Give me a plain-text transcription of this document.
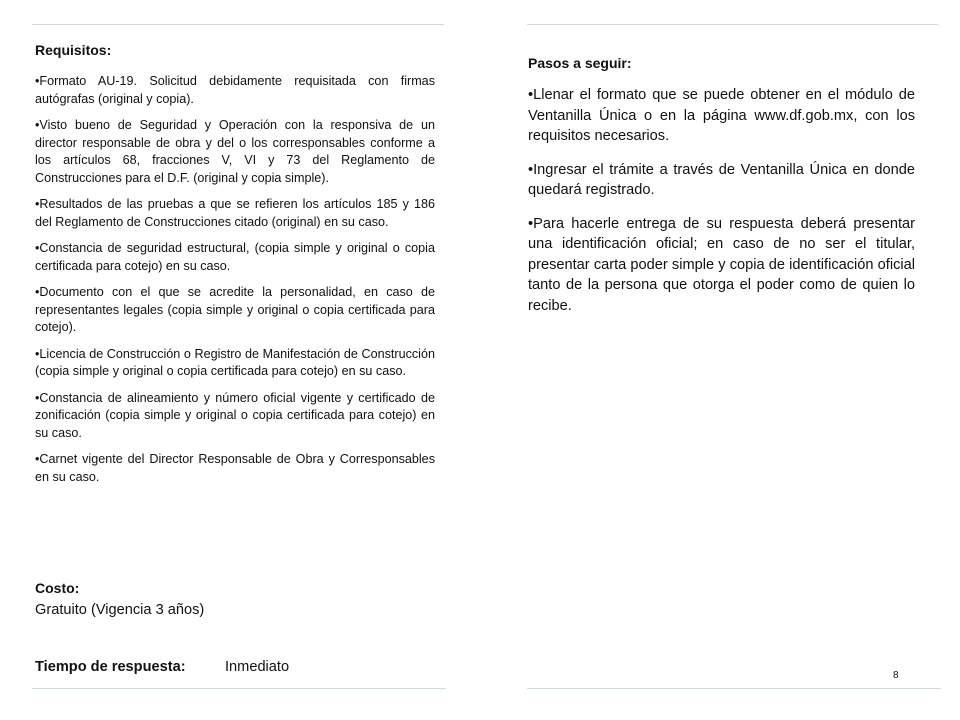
Requisitos:

•Formato AU-19. Solicitud debidamente requisitada con firmas autógrafas (original y copia).

•Visto bueno de Seguridad y Operación con la responsiva de un director responsable de obra y del o los corresponsables conforme a los artículos 68, fracciones V, VI y 73 del Reglamento de Construcciones para el D.F. (original y copia simple).

•Resultados de las pruebas a que se refieren los artículos 185 y 186 del Reglamento de Construcciones citado (original) en su caso.

•Constancia de seguridad estructural, (copia simple y original o copia certificada para cotejo) en su caso.

•Documento con el que se acredite la personalidad, en caso de representantes legales (copia simple y original o copia certificada para cotejo).

•Licencia de Construcción o Registro de Manifestación de Construcción (copia simple y original o copia certificada para cotejo) en su caso.

•Constancia de alineamiento y número oficial vigente y certificado de zonificación (copia simple y original o copia certificada para cotejo) en su caso.

•Carnet vigente del Director Responsable de Obra y Corresponsables en su caso.

Costo:

Gratuito (Vigencia 3 años)
Tiempo de respuesta:	Inmediato

Pasos a seguir:

•Llenar el formato que se puede obtener en el módulo de Ventanilla Única o en la página www.df.gob.mx, con los requisitos necesarios.

•Ingresar el trámite a través de Ventanilla Única en donde quedará registrado.

•Para hacerle entrega de su respuesta deberá presentar una identificación oficial; en caso de no ser el titular, presentar carta poder simple y copia de identificación oficial tanto de la persona que otorga el poder como de quien lo recibe.

8
